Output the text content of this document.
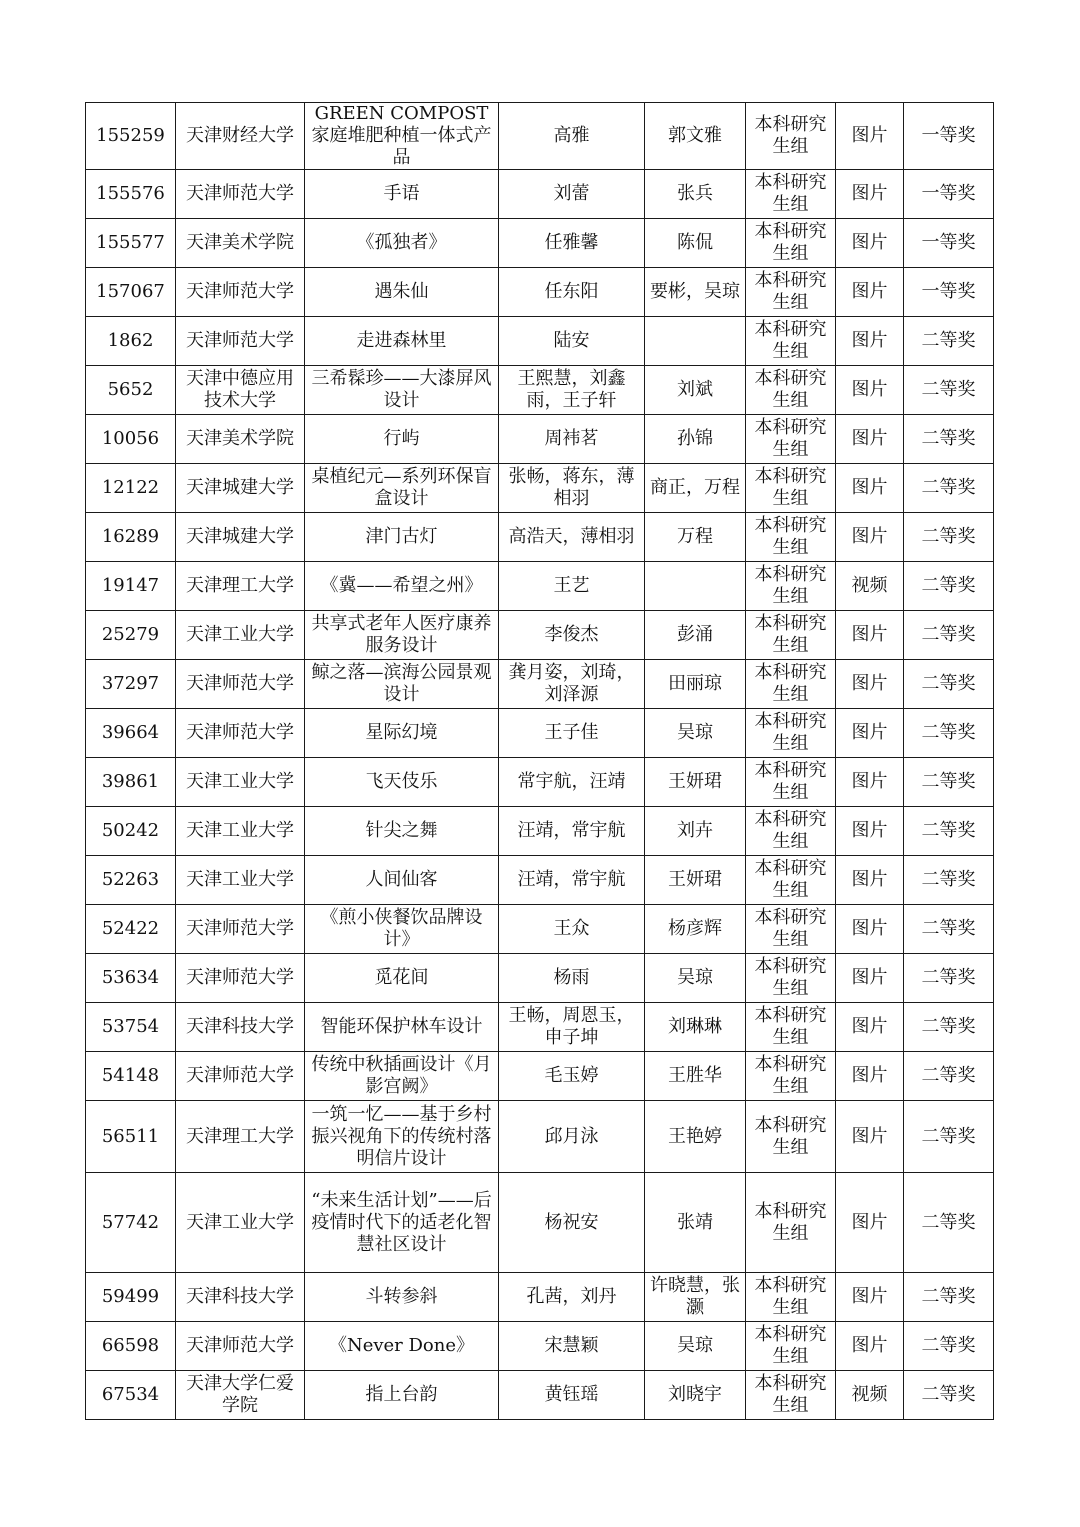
155259	天津财经大学	GREEN COMPOST家庭堆肥种植一体式产品	高雅	郭文雅	本科研究生组	图片	一等奖
155576	天津师范大学	手语	刘蕾	张兵	本科研究生组	图片	一等奖
155577	天津美术学院	《孤独者》	任雅馨	陈侃	本科研究生组	图片	一等奖
157067	天津师范大学	遇朱仙	任东阳	要彬，吴琼	本科研究生组	图片	一等奖
1862	天津师范大学	走进森林里	陆安		本科研究生组	图片	二等奖
5652	天津中德应用技术大学	三希髹珍——大漆屏风设计	王熙慧，刘鑫雨，王子轩	刘斌	本科研究生组	图片	二等奖
10056	天津美术学院	行屿	周袆茗	孙锦	本科研究生组	图片	二等奖
12122	天津城建大学	桌植纪元—系列环保盲盒设计	张畅，蒋东，薄相羽	商正，万程	本科研究生组	图片	二等奖
16289	天津城建大学	津门古灯	高浩天，薄相羽	万程	本科研究生组	图片	二等奖
19147	天津理工大学	《冀——希望之州》	王艺		本科研究生组	视频	二等奖
25279	天津工业大学	共享式老年人医疗康养服务设计	李俊杰	彭涌	本科研究生组	图片	二等奖
37297	天津师范大学	鲸之落—滨海公园景观设计	龚月姿，刘琦，刘泽源	田丽琼	本科研究生组	图片	二等奖
39664	天津师范大学	星际幻境	王子佳	吴琼	本科研究生组	图片	二等奖
39861	天津工业大学	飞天伎乐	常宇航，汪靖	王妍珺	本科研究生组	图片	二等奖
50242	天津工业大学	针尖之舞	汪靖，常宇航	刘卉	本科研究生组	图片	二等奖
52263	天津工业大学	人间仙客	汪靖，常宇航	王妍珺	本科研究生组	图片	二等奖
52422	天津师范大学	《煎小侠餐饮品牌设计》	王众	杨彦辉	本科研究生组	图片	二等奖
53634	天津师范大学	觅花间	杨雨	吴琼	本科研究生组	图片	二等奖
53754	天津科技大学	智能环保护林车设计	王畅，周恩玉，申子坤	刘琳琳	本科研究生组	图片	二等奖
54148	天津师范大学	传统中秋插画设计《月影宫阙》	毛玉婷	王胜华	本科研究生组	图片	二等奖
56511	天津理工大学	一筑一忆——基于乡村振兴视角下的传统村落明信片设计	邱月泳	王艳婷	本科研究生组	图片	二等奖
57742	天津工业大学	“未来生活计划”——后疫情时代下的适老化智慧社区设计	杨祝安	张靖	本科研究生组	图片	二等奖
59499	天津科技大学	斗转参斜	孔茜，刘丹	许晓慧，张灏	本科研究生组	图片	二等奖
66598	天津师范大学	《Never Done》	宋慧颖	吴琼	本科研究生组	图片	二等奖
67534	天津大学仁爱学院	指上台韵	黄钰瑶	刘晓宇	本科研究生组	视频	二等奖
